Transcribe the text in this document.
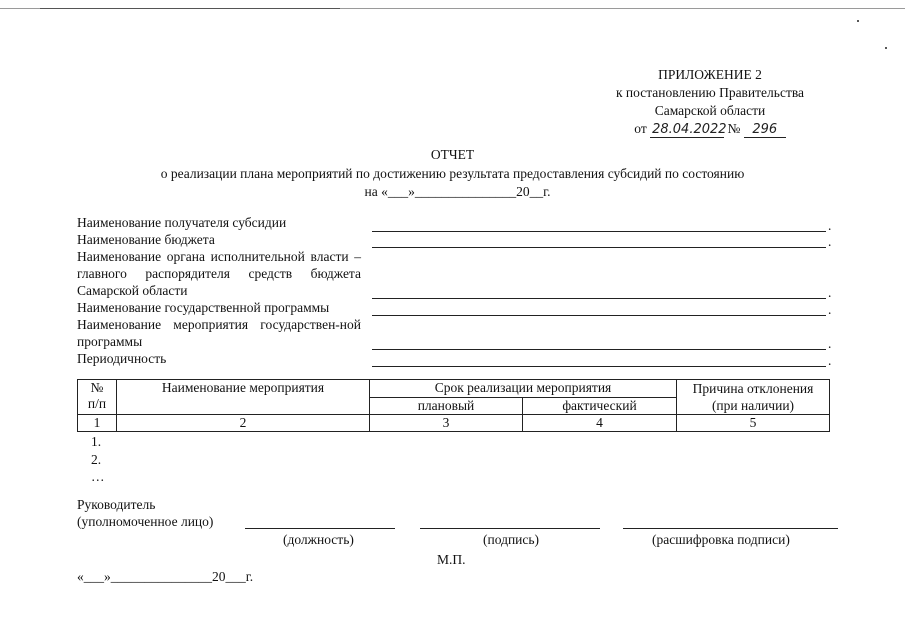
ПРИЛОЖЕНИЕ 2
к постановлению Правительства
Самарской области
от 28.04.2022 № 296
ОТЧЕТ
о реализации плана мероприятий по достижению результата предоставления субсидий по состоянию
на «___»_______________20__г.
Наименование получателя субсидии	.
Наименование бюджета	.
Наименование органа исполнительной власти – главного распорядителя средств бюджета Самарской области	.
Наименование государственной программы	.
Наименование мероприятия государствен-ной программы	.
Периодичность	.
№ п/п	Наименование мероприятия	Срок реализации мероприятия		Причина отклонения (при наличии)
		плановый	фактический	
1	2	3	4	5
1.
2.
…
Руководитель
(уполномоченное лицо)
(должность)	(подпись)	(расшифровка подписи)
М.П.
«___»_______________20___г.
